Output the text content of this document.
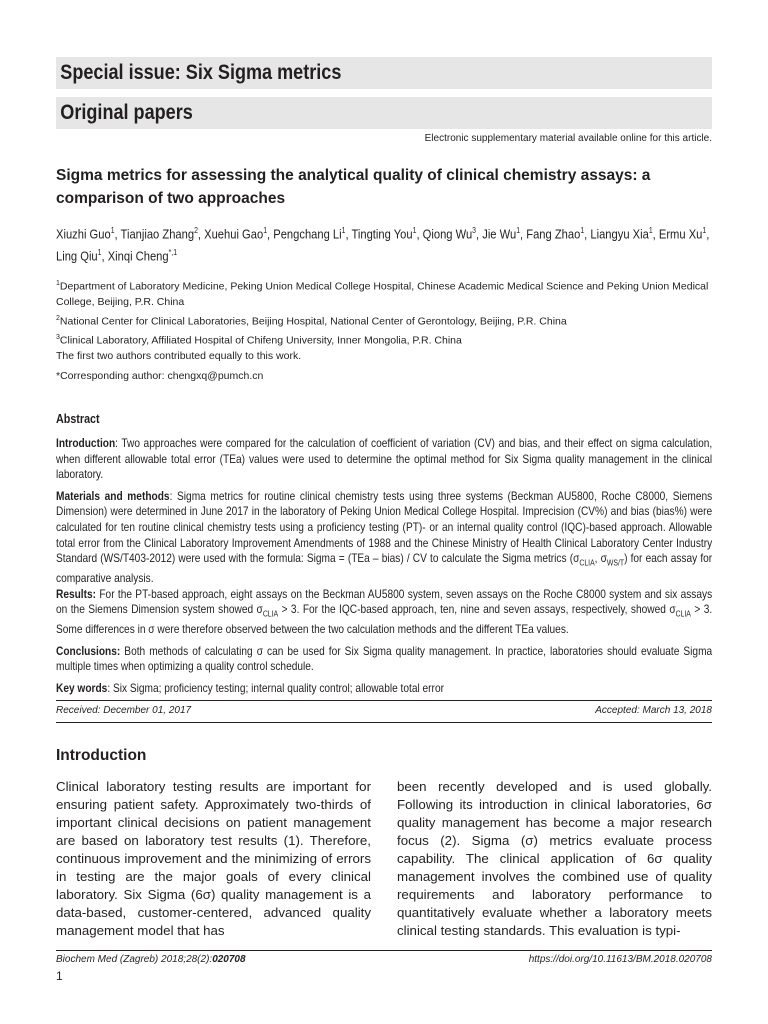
Special issue: Six Sigma metrics
Original papers
Electronic supplementary material available online for this article.
Sigma metrics for assessing the analytical quality of clinical chemistry assays: a comparison of two approaches
Xiuzhi Guo$^1$, Tianjiao Zhang$^2$, Xuehui Gao$^1$, Pengchang Li$^1$, Tingting You$^1$, Qiong Wu$^3$, Jie Wu$^1$, Fang Zhao$^1$, Liangyu Xia$^1$, Ermu Xu$^1$, Ling Qiu$^1$, Xinqi Cheng$^{*,1}$
$^1$Department of Laboratory Medicine, Peking Union Medical College Hospital, Chinese Academic Medical Science and Peking Union Medical College, Beijing, P.R. China
$^2$National Center for Clinical Laboratories, Beijing Hospital, National Center of Gerontology, Beijing, P.R. China
$^3$Clinical Laboratory, Affiliated Hospital of Chifeng University, Inner Mongolia, P.R. China
The first two authors contributed equally to this work.
*Corresponding author: chengxq@pumch.cn
Abstract

Introduction: Two approaches were compared for the calculation of coefficient of variation (CV) and bias, and their effect on sigma calculation, when different allowable total error (TEa) values were used to determine the optimal method for Six Sigma quality management in the clinical laboratory.

Materials and methods: Sigma metrics for routine clinical chemistry tests using three systems (Beckman AU5800, Roche C8000, Siemens Dimension) were determined in June 2017 in the laboratory of Peking Union Medical College Hospital. Imprecision (CV%) and bias (bias%) were calculated for ten routine clinical chemistry tests using a proficiency testing (PT)- or an internal quality control (IQC)-based approach. Allowable total error from the Clinical Laboratory Improvement Amendments of 1988 and the Chinese Ministry of Health Clinical Laboratory Center Industry Standard (WS/T403-2012) were used with the formula: Sigma = (TEa – bias) / CV to calculate the Sigma metrics ($\sigma_{CLIA}$, $\sigma_{WS/T}$) for each assay for comparative analysis.

Results: For the PT-based approach, eight assays on the Beckman AU5800 system, seven assays on the Roche C8000 system and six assays on the Siemens Dimension system showed $\sigma_{CLIA} > 3$. For the IQC-based approach, ten, nine and seven assays, respectively, showed $\sigma_{CLIA} > 3$. Some differences in σ were therefore observed between the two calculation methods and the different TEa values.

Conclusions: Both methods of calculating σ can be used for Six Sigma quality management. In practice, laboratories should evaluate Sigma multiple times when optimizing a quality control schedule.

Key words: Six Sigma; proficiency testing; internal quality control; allowable total error

Received: December 01, 2017	Accepted: March 13, 2018
Introduction
Clinical laboratory testing results are important for ensuring patient safety. Approximately two-thirds of important clinical decisions on patient management are based on laboratory test results (1). Therefore, continuous improvement and the minimizing of errors in testing are the major goals of every clinical laboratory. Six Sigma (6σ) quality management is a data-based, customer-centered, advanced quality management model that has
been recently developed and is used globally. Following its introduction in clinical laboratories, 6σ quality management has become a major research focus (2). Sigma (σ) metrics evaluate process capability. The clinical application of 6σ quality management involves the combined use of quality requirements and laboratory performance to quantitatively evaluate whether a laboratory meets clinical testing standards. This evaluation is typi-
Biochem Med (Zagreb) 2018;28(2):020708	https://doi.org/10.11613/BM.2018.020708
1
